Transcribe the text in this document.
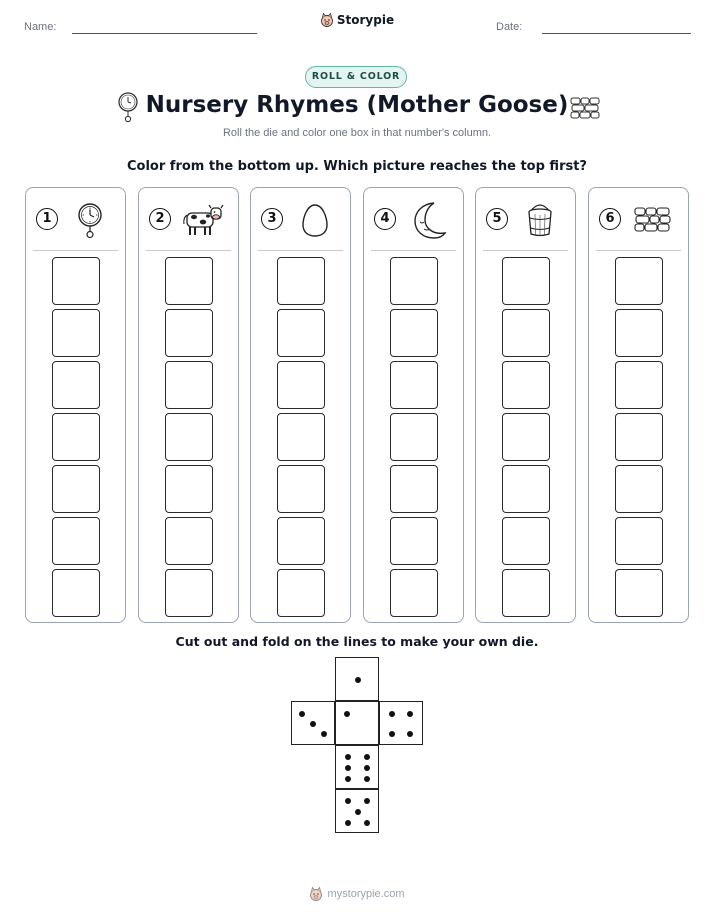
Name:	Storypie	Date:
ROLL & COLOR
Nursery Rhymes (Mother Goose)
Roll the die and color one box in that number's column.
Color from the bottom up. Which picture reaches the top first?
1	2	3	4	5	6
Cut out and fold on the lines to make your own die.
mystorypie.com
